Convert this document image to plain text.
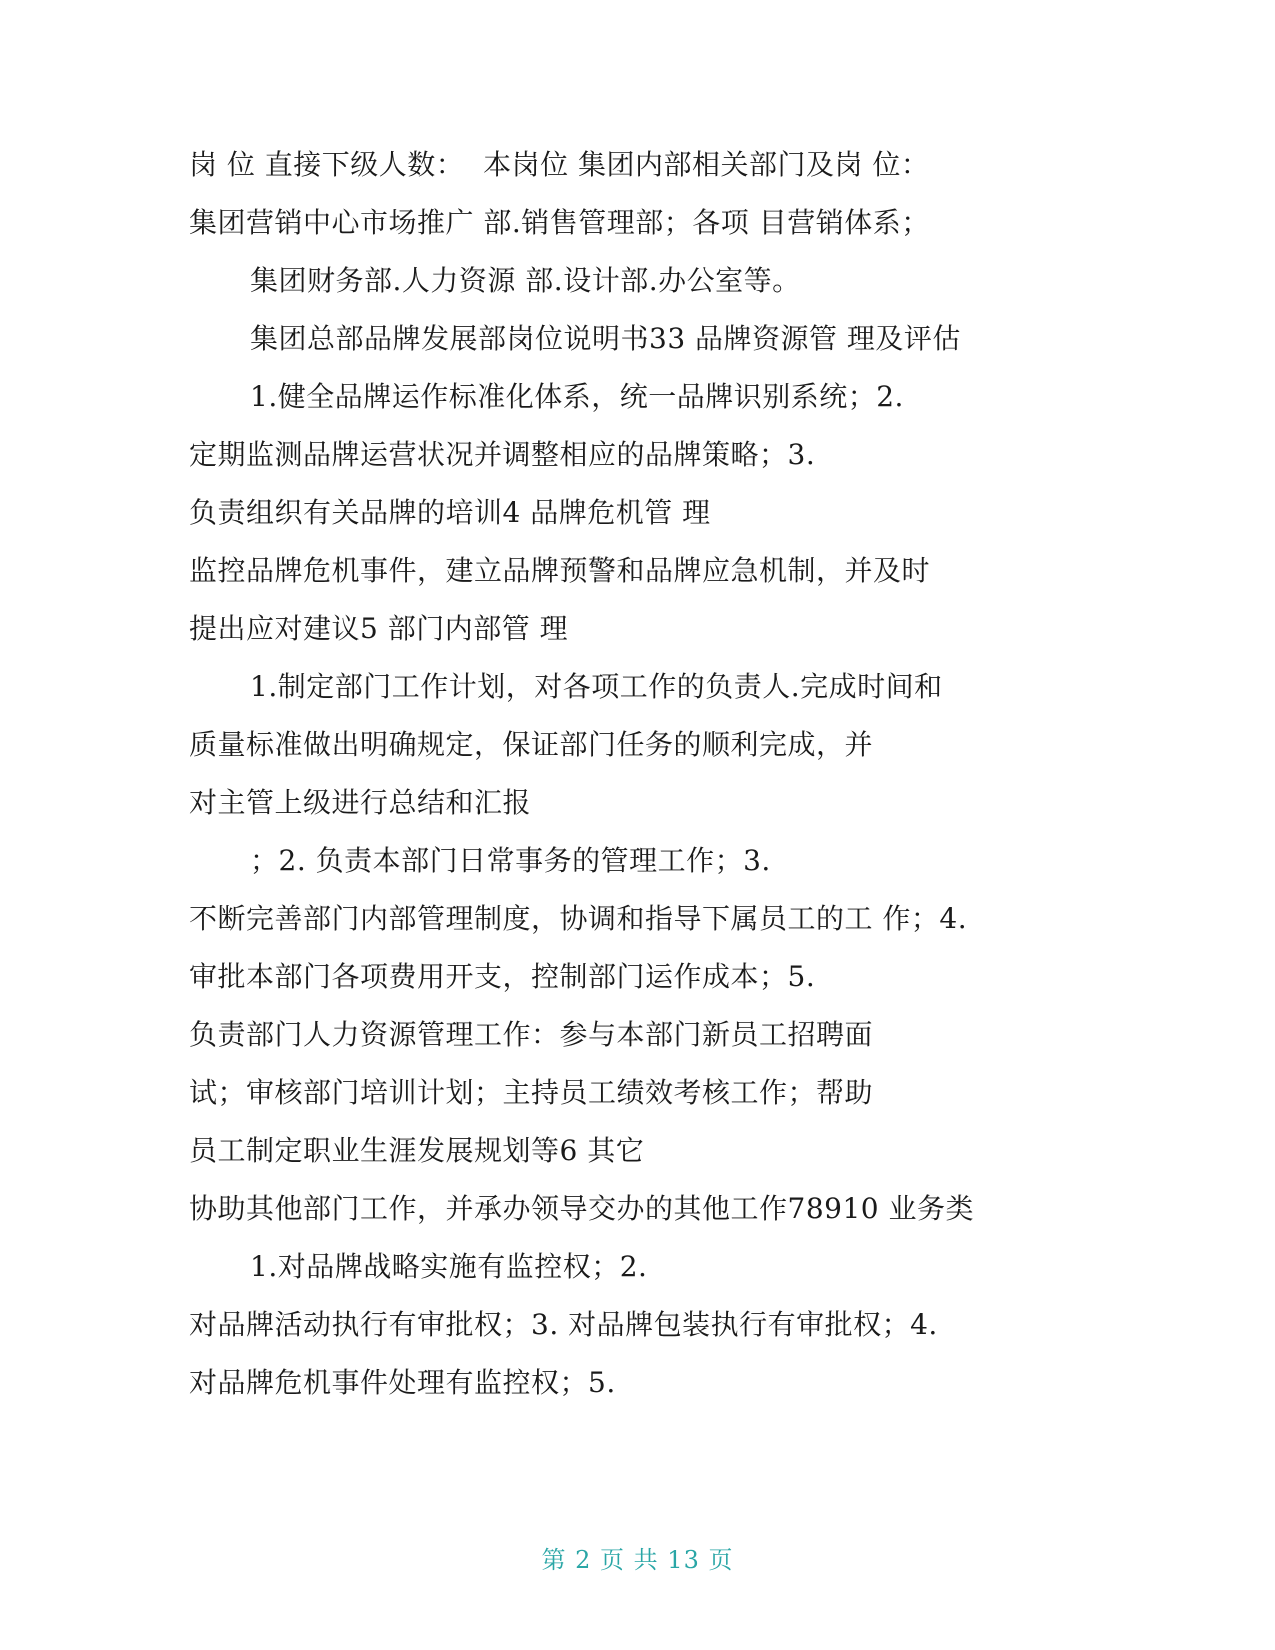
岗 位 直接下级人数：  本岗位 集团内部相关部门及岗 位：
集团营销中心市场推广 部.销售管理部；各项 目营销体系；
集团财务部.人力资源 部.设计部.办公室等。
集团总部品牌发展部岗位说明书33 品牌资源管 理及评估
1.健全品牌运作标准化体系，统一品牌识别系统；2.
定期监测品牌运营状况并调整相应的品牌策略；3.
负责组织有关品牌的培训4 品牌危机管 理
监控品牌危机事件，建立品牌预警和品牌应急机制，并及时
提出应对建议5 部门内部管 理
1.制定部门工作计划，对各项工作的负责人.完成时间和
质量标准做出明确规定，保证部门任务的顺利完成，并
对主管上级进行总结和汇报
；2. 负责本部门日常事务的管理工作；3.
不断完善部门内部管理制度，协调和指导下属员工的工 作；4.
审批本部门各项费用开支，控制部门运作成本；5.
负责部门人力资源管理工作：参与本部门新员工招聘面
试；审核部门培训计划；主持员工绩效考核工作；帮助
员工制定职业生涯发展规划等6 其它
协助其他部门工作，并承办领导交办的其他工作78910 业务类
1.对品牌战略实施有监控权；2.
对品牌活动执行有审批权；3. 对品牌包装执行有审批权；4.
对品牌危机事件处理有监控权；5.
第 2 页 共 13 页
